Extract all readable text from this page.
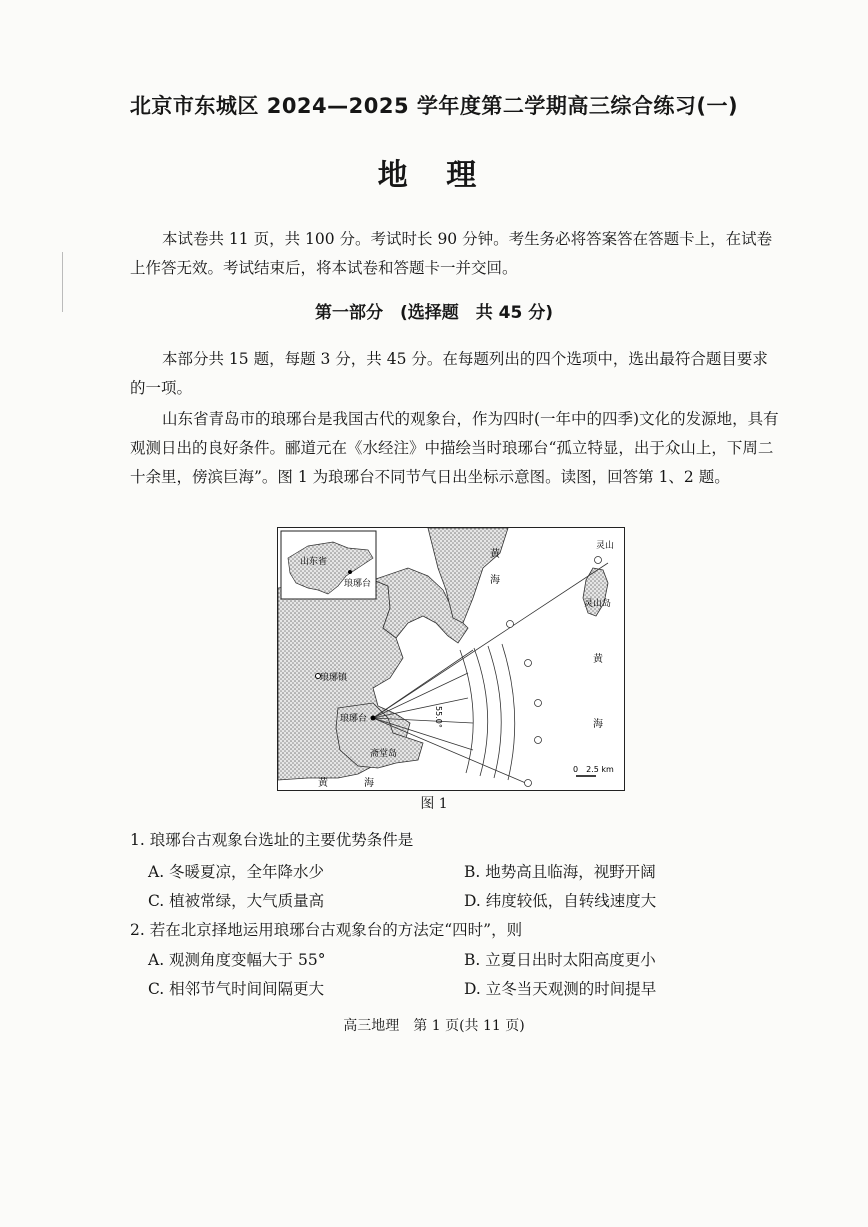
北京市东城区 2024—2025 学年度第二学期高三综合练习(一)
地 理
本试卷共 11 页，共 100 分。考试时长 90 分钟。考生务必将答案答在答题卡上，在试卷上作答无效。考试结束后，将本试卷和答题卡一并交回。
第一部分　(选择题　共 45 分)
本部分共 15 题，每题 3 分，共 45 分。在每题列出的四个选项中，选出最符合题目要求的一项。
山东省青岛市的琅琊台是我国古代的观象台，作为四时(一年中的四季)文化的发源地，具有观测日出的良好条件。郦道元在《水经注》中描绘当时琅琊台“孤立特显，出于众山上，下周二十余里，傍滨巨海”。图 1 为琅琊台不同节气日出坐标示意图。读图，回答第 1、2 题。
山东省
琅琊台
琅琊镇
琅琊台
斋堂岛
灵山岛
灵山
黄海
黄海
黄海
55.0°
0　2.5 km
图 1
1. 琅琊台古观象台选址的主要优势条件是
A. 冬暖夏凉，全年降水少	B. 地势高且临海，视野开阔
C. 植被常绿，大气质量高	D. 纬度较低，自转线速度大
2. 若在北京择地运用琅琊台古观象台的方法定“四时”，则
A. 观测角度变幅大于 55°	B. 立夏日出时太阳高度更小
C. 相邻节气时间间隔更大	D. 立冬当天观测的时间提早
高三地理　第 1 页(共 11 页)
